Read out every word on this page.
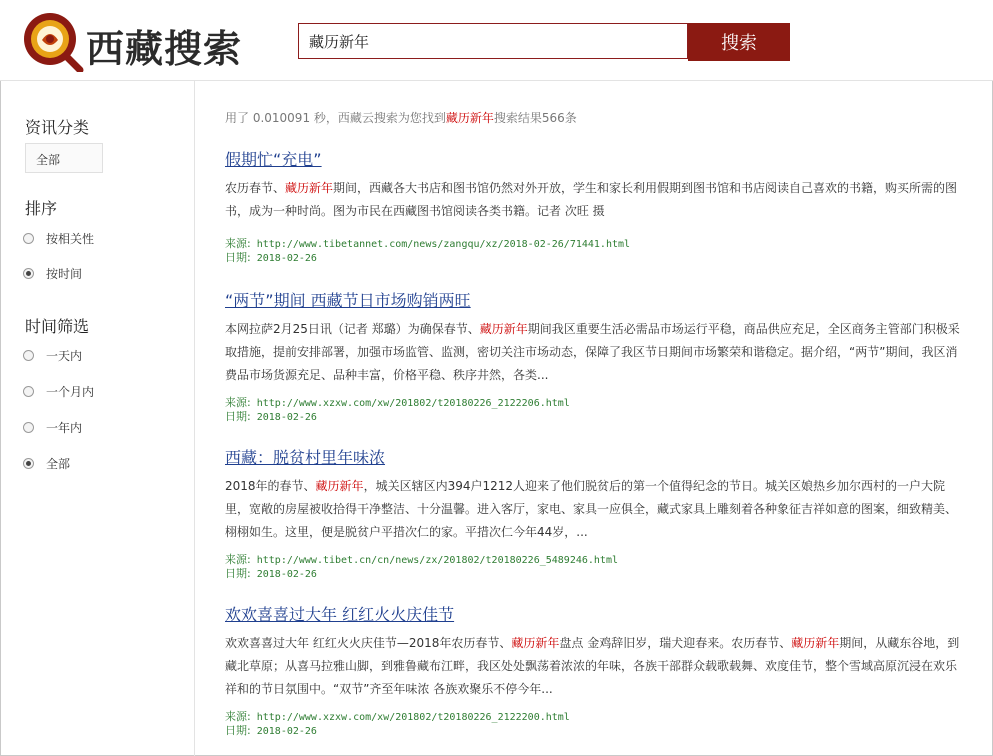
西藏搜索
藏历新年	搜索
资讯分类
全部
排序
按相关性
按时间
时间筛选
一天内
一个月内
一年内
全部
用了 0.010091 秒，西藏云搜索为您找到藏历新年搜索结果566条
假期忙“充电”
农历春节、藏历新年期间，西藏各大书店和图书馆仍然对外开放，学生和家长利用假期到图书馆和书店阅读自己喜欢的书籍，购买所需的图书，成为一种时尚。图为市民在西藏图书馆阅读各类书籍。记者 次旺 摄
来源: http://www.tibetannet.com/news/zangqu/xz/2018-02-26/71441.html
日期: 2018-02-26
“两节”期间 西藏节日市场购销两旺
本网拉萨2月25日讯（记者 郑璐）为确保春节、藏历新年期间我区重要生活必需品市场运行平稳，商品供应充足，全区商务主管部门积极采取措施，提前安排部署，加强市场监管、监测，密切关注市场动态，保障了我区节日期间市场繁荣和谐稳定。据介绍，“两节”期间，我区消费品市场货源充足、品种丰富，价格平稳、秩序井然，各类...
来源: http://www.xzxw.com/xw/201802/t20180226_2122206.html
日期: 2018-02-26
西藏：脱贫村里年味浓
2018年的春节、藏历新年，城关区辖区内394户1212人迎来了他们脱贫后的第一个值得纪念的节日。城关区娘热乡加尔西村的一户大院里，宽敞的房屋被收拾得干净整洁、十分温馨。进入客厅，家电、家具一应俱全，藏式家具上雕刻着各种象征吉祥如意的图案，细致精美、栩栩如生。这里，便是脱贫户平措次仁的家。平措次仁今年44岁，...
来源: http://www.tibet.cn/cn/news/zx/201802/t20180226_5489246.html
日期: 2018-02-26
欢欢喜喜过大年 红红火火庆佳节
欢欢喜喜过大年 红红火火庆佳节—2018年农历春节、藏历新年盘点 金鸡辞旧岁，瑞犬迎春来。农历春节、藏历新年期间，从藏东谷地，到藏北草原；从喜马拉雅山脚，到雅鲁藏布江畔，我区处处飘荡着浓浓的年味，各族干部群众载歌载舞、欢度佳节，整个雪域高原沉浸在欢乐祥和的节日氛围中。“双节”齐至年味浓 各族欢聚乐不停今年...
来源: http://www.xzxw.com/xw/201802/t20180226_2122200.html
日期: 2018-02-26
